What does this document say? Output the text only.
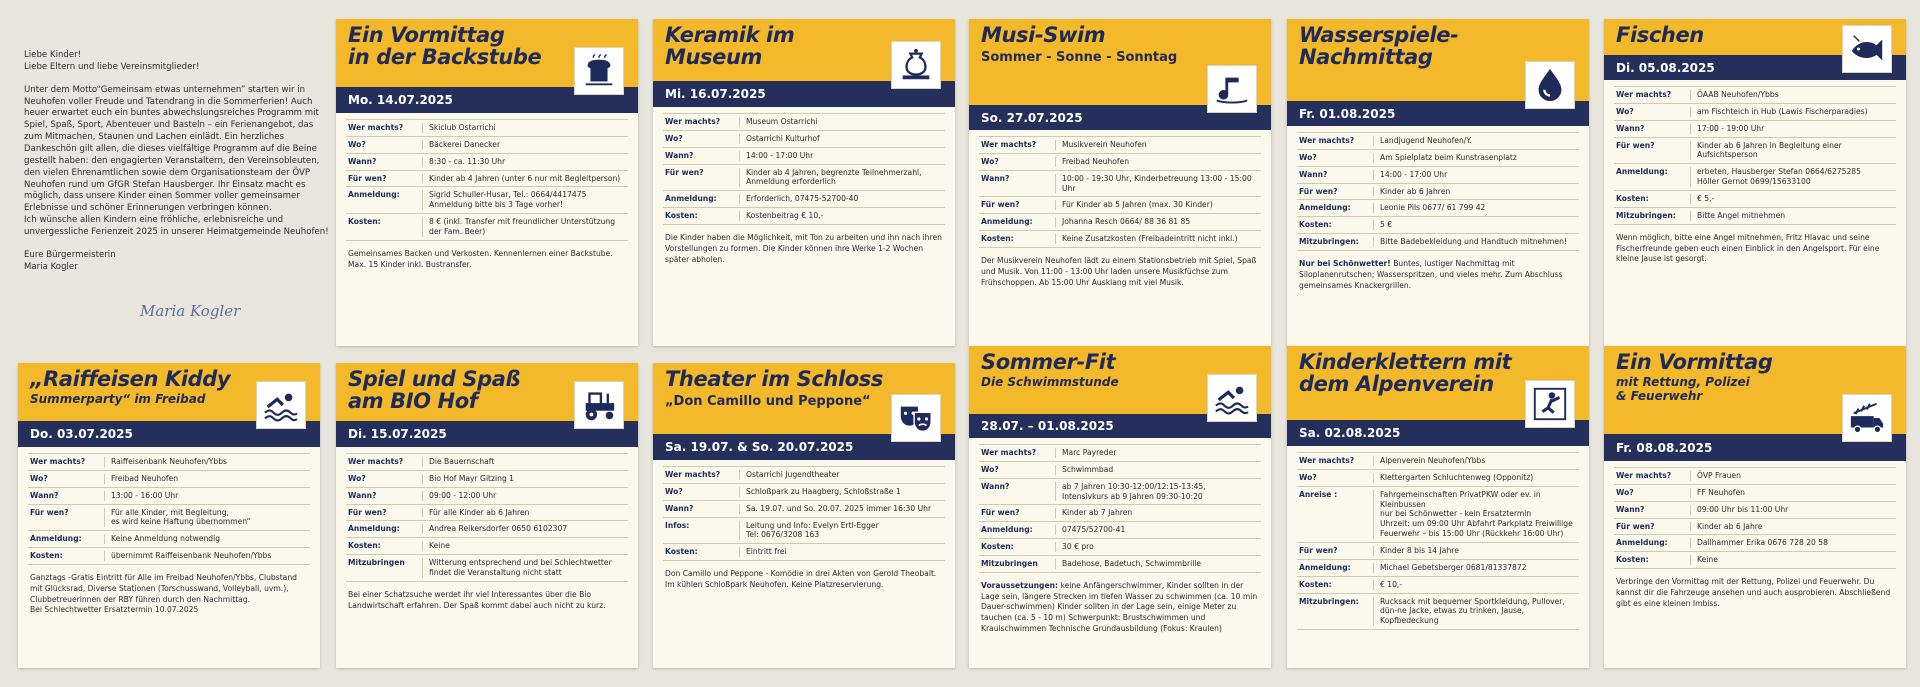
Liebe Kinder!
Liebe Eltern und liebe Vereinsmitglieder!

Unter dem Motto“Gemeinsam etwas unternehmen” starten wir in Neuhofen voller Freude und Tatendrang in die Sommerferien! Auch heuer erwartet euch ein buntes abwechslungsreiches Programm mit Spiel, Spaß, Sport, Abenteuer und Basteln – ein Ferienangebot, das zum Mitmachen, Staunen und Lachen einlädt. Ein herzliches Dankeschön gilt allen, die dieses vielfältige Programm auf die Beine gestellt haben: den engagierten Veranstaltern, den Vereinsobleuten, den vielen Ehrenamtlichen sowie dem Organisationsteam der ÖVP Neuhofen rund um GfGR Stefan Hausberger. Ihr Einsatz macht es möglich, dass unsere Kinder einen Sommer voller gemeinsamer Erlebnisse und schöner Erinnerungen verbringen können.
Ich wünsche allen Kindern eine fröhliche, erlebnisreiche und unvergessliche Ferienzeit 2025 in unserer Heimatgemeinde Neuhofen!

Eure Bürgermeisterin
Maria Kogler

Maria Kogler
Ein Vormittag
in der Backstube
Mo. 14.07.2025
Wer machts?	Skiclub Ostarrichi
Wo?	Bäckerei Danecker
Wann?	8:30 - ca. 11:30 Uhr
Für wen?	Kinder ab 4 Jahren (unter 6 nur mit Begleitperson)
Anmeldung:	Sigrid Schuller-Husar, Tel.: 0664/4417475
Anmeldung bitte bis 3 Tage vorher!
Kosten:	8 € (inkl. Transfer mit freundlicher Unterstützung der Fam. Beer)
Gemeinsames Backen und Verkosten. Kennenlernen einer Backstube. Max. 15 Kinder inkl. Bustransfer.
Keramik im
Museum
Mi. 16.07.2025
Wer machts?	Museum Ostarrichi
Wo?	Ostarrichi Kulturhof
Wann?	14:00 - 17:00 Uhr
Für wen?	Kinder ab 4 Jahren, begrenzte Teilnehmerzahl, Anmeldung erforderlich
Anmeldung:	Erforderlich, 07475-52700-40
Kosten:	Kostenbeitrag € 10,-
Die Kinder haben die Möglichkeit, mit Ton zu arbeiten und ihn nach ihren Vorstellungen zu formen. Die Kinder können ihre Werke 1-2 Wochen später abholen.
Musi-Swim
Sommer - Sonne - Sonntag
So. 27.07.2025
Wer machts?	Musikverein Neuhofen
Wo?	Freibad Neuhofen
Wann?	10:00 - 19:30 Uhr, Kinderbetreuung 13:00 - 15:00 Uhr
Für wen?	Für Kinder ab 5 Jahren (max. 30 Kinder)
Anmeldung:	Johanna Resch 0664/ 88 36 81 85
Kosten:	Keine Zusatzkosten (Freibadeintritt nicht inkl.)
Der Musikverein Neuhofen lädt zu einem Stationsbetrieb mit Spiel, Spaß und Musik. Von 11:00 - 13:00 Uhr laden unsere Musikfüchse zum Frühschoppen. Ab 15:00 Uhr Ausklang mit viel Musik.
Wasserspiele-
Nachmittag
Fr. 01.08.2025
Wer machts?	Landjugend Neuhofen/Y.
Wo?	Am Spielplatz beim Kunstrasenplatz
Wann?	14:00 - 17:00 Uhr
Für wen?	Kinder ab 6 Jahren
Anmeldung:	Leonie Pils 0677/ 61 799 42
Kosten:	5 €
Mitzubringen:	Bitte Badebekleidung und Handtuch mitnehmen!
Nur bei Schönwetter! Buntes, lustiger Nachmittag mit Siloplanenrutschen; Wasserspritzen, und vieles mehr. Zum Abschluss gemeinsames Knackergrillen.
Fischen
Di. 05.08.2025
Wer machts?	ÖAAB Neuhofen/Ybbs
Wo?	am Fischteich in Hub (Lawis Fischerparadies)
Wann?	17:00 - 19:00 Uhr
Für wen?	Kinder ab 6 Jahren in Begleitung einer Aufsichtsperson
Anmeldung:	erbeten, Hausberger Stefan 0664/6275285
Höller Gernot 0699/15633100
Kosten:	€ 5,-
Mitzubringen:	Bitte Angel mitnehmen
Wenn möglich, bitte eine Angel mitnehmen, Fritz Hlavac und seine Fischerfreunde geben euch einen Einblick in den Angelsport. Für eine kleine Jause ist gesorgt.
„Raiffeisen Kiddy
Summerparty“ im Freibad
Do. 03.07.2025
Wer machts?	Raiffeisenbank Neuhofen/Ybbs
Wo?	Freibad Neuhofen
Wann?	13:00 - 16:00 Uhr
Für wen?	Für alle Kinder, mit Begleitung,
es wird keine Haftung übernommen“
Anmeldung:	Keine Anmeldung notwendig
Kosten:	übernimmt Raiffeisenbank Neuhofen/Ybbs
Ganztags -Gratis Eintritt für Alle im Freibad Neuhofen/Ybbs, Clubstand mit Glücksrad, Diverse Stationen (Torschusswand, Volleyball, uvm.), Clubbetreuerinnen der RBY führen durch den Nachmittag.
Bei Schlechtwetter Ersatztermin 10.07.2025
Spiel und Spaß
am BIO Hof
Di. 15.07.2025
Wer machts?	Die Bauernschaft
Wo?	Bio Hof Mayr Gitzing 1
Wann?	09:00 - 12:00 Uhr
Für wen?	Für alle Kinder ab 6 Jahren
Anmeldung:	Andrea Reikersdorfer 0650 6102307
Kosten:	Keine
Mitzubringen	Witterung entsprechend und bei Schlechtwetter findet die Veranstaltung nicht statt
Bei einer Schatzsuche werdet ihr viel Interessantes über die Bio Landwirtschaft erfahren. Der Spaß kommt dabei auch nicht zu kurz.
Theater im Schloss
„Don Camillo und Peppone“
Sa. 19.07. & So. 20.07.2025
Wer machts?	Ostarrichi Jugendtheater
Wo?	Schloßpark zu Haagberg, Schloßstraße 1
Wann?	Sa. 19.07. und So. 20.07. 2025 immer 16:30 Uhr
Infos:	Leitung und Info: Evelyn Ertl-Egger
Tel: 0676/3208 163
Kosten:	Eintritt frei
Don Camillo und Peppone - Komödie in drei Akten von Gerold Theobalt. Im kühlen Schloßpark Neuhofen. Keine Platzreservierung.
Sommer-Fit
Die Schwimmstunde
28.07. – 01.08.2025
Wer machts?	Marc Payreder
Wo?	Schwimmbad
Wann?	ab 7 Jahren 10:30-12:00/12:15-13:45,
Intensivkurs ab 9 Jahren 09:30-10:20
Für wen?	Kinder ab 7 Jahren
Anmeldung:	07475/52700-41
Kosten:	30 € pro
Mitzubringen	Badehose, Badetuch, Schwimmbrille
Voraussetzungen: keine Anfängerschwimmer, Kinder sollten in der Lage sein, längere Strecken im tiefen Wasser zu schwimmen (ca. 10 min Dauer-schwimmen) Kinder sollten in der Lage sein, einige Meter zu tauchen (ca. 5 - 10 m) Schwerpunkt: Brustschwimmen und Kraulschwimmen Technische Grundausbildung (Fokus: Kraulen)
Kinderklettern mit
dem Alpenverein
Sa. 02.08.2025
Wer machts?	Alpenverein Neuhofen/Ybbs
Wo?	Klettergarten Schluchtenweg (Opponitz)
Anreise :	Fahrgemeinschaften PrivatPKW oder ev. in Kleinbussen
nur bei Schönwetter - kein Ersatztermin
Uhrzeit: um 09:00 Uhr Abfahrt Parkplatz Freiwillige Feuerwehr – bis 15:00 Uhr (Rückkehr 16:00 Uhr)
Für wen?	Kinder 8 bis 14 Jahre
Anmeldung:	Michael Gebetsberger 0681/81337872
Kosten:	€ 10,-
Mitzubringen:	Rucksack mit bequemer Sportkleidung, Pullover, dün-ne Jacke, etwas zu trinken, Jause, Kopfbedeckung
Ein Vormittag
mit Rettung, Polizei
& Feuerwehr
Fr. 08.08.2025
Wer machts?	ÖVP Frauen
Wo?	FF Neuhofen
Wann?	09:00 Uhr bis 11:00 Uhr
Für wen?	Kinder ab 6 Jahre
Anmeldung:	Dallhammer Erika 0676 728 20 58
Kosten:	Keine
Verbringe den Vormittag mit der Rettung, Polizei und Feuerwehr. Du kannst dir die Fahrzeuge ansehen und auch ausprobieren. Abschließend gibt es eine kleinen Imbiss.
